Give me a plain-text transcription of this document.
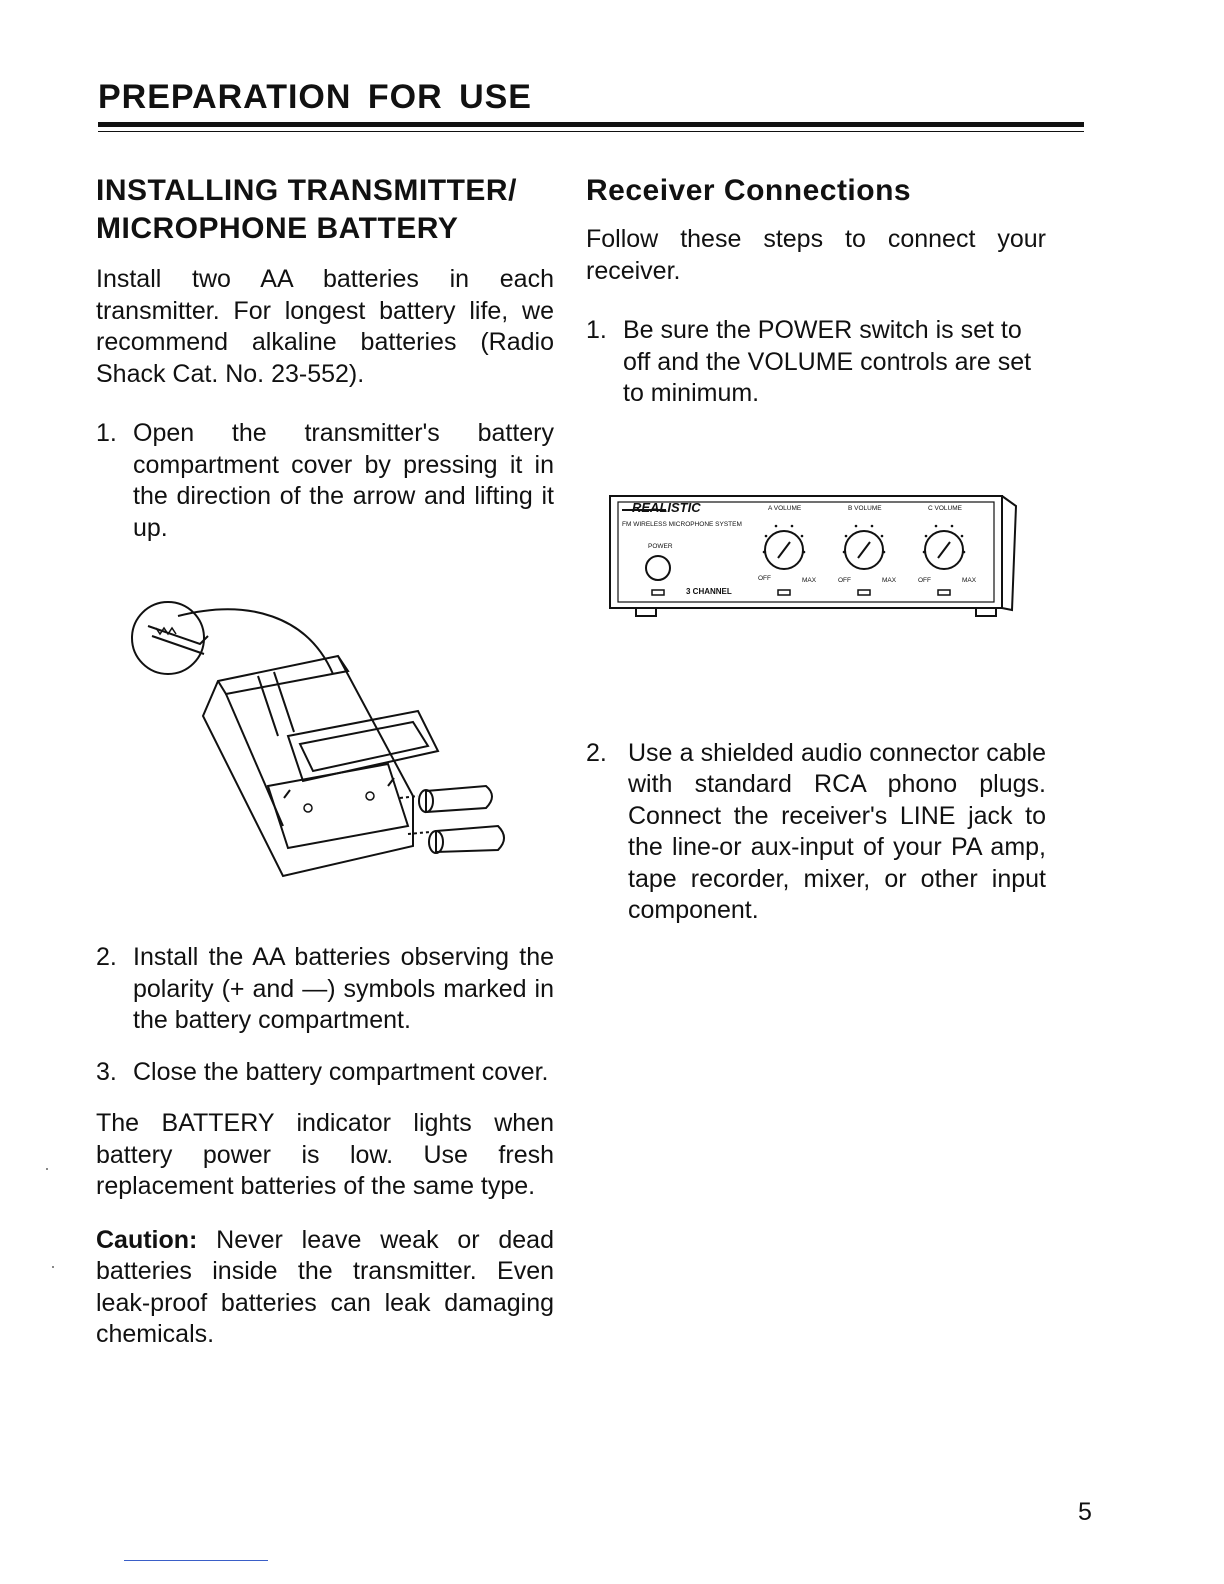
PREPARATION FOR USE
INSTALLING TRANSMITTER/
MICROPHONE BATTERY

Install two AA batteries in each transmitter. For longest battery life, we recommend alkaline batteries (Radio Shack Cat. No. 23-552).

1. Open the transmitter's battery compartment cover by pressing it in the direction of the arrow and lifting it up.
2. Install the AA batteries observing the polarity (+ and —) symbols marked in the battery compartment.
3. Close the battery compartment cover.

The BATTERY indicator lights when battery power is low. Use fresh replacement batteries of the same type.

Caution: Never leave weak or dead batteries inside the transmitter. Even leak-proof batteries can leak damaging chemicals.

Receiver Connections

Follow these steps to connect your receiver.

1. Be sure the POWER switch is set to off and the VOLUME controls are set to minimum.
REALISTIC
FM WIRELESS MICROPHONE SYSTEM
POWER
3 CHANNEL
A VOLUME	B VOLUME	C VOLUME
OFF	MAX	OFF	MAX	OFF	MAX
2. Use a shielded audio connector cable with standard RCA phono plugs. Connect the receiver's LINE jack to the line-or aux-input of your PA amp, tape recorder, mixer, or other input component.
5
